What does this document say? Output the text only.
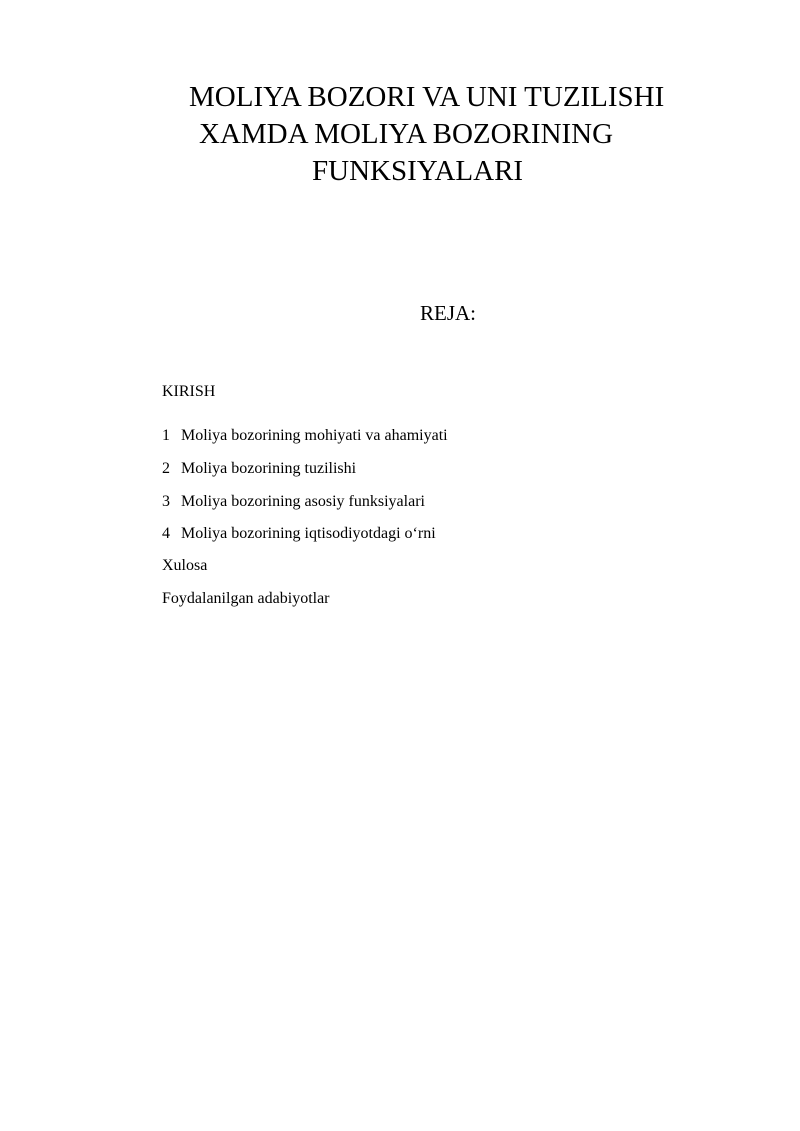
MOLIYA BOZORI VA UNI TUZILISHI
XAMDA MOLIYA BOZORINING
FUNKSIYALARI
REJA:
KIRISH
1 Moliya bozorining mohiyati va ahamiyati
2 Moliya bozorining tuzilishi
3 Moliya bozorining asosiy funksiyalari
4 Moliya bozorining iqtisodiyotdagi o‘rni
Xulosa
Foydalanilgan adabiyotlar
